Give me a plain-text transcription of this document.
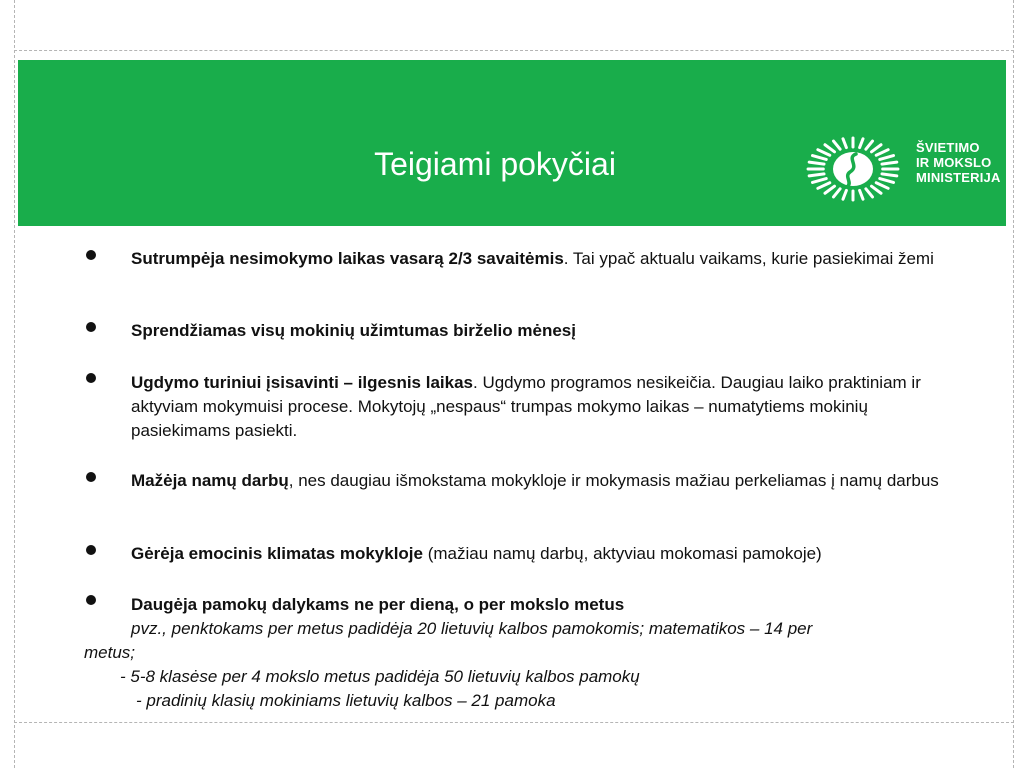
ŠVIETIMO
IR MOKSLO
MINISTERIJA
Teigiami pokyčiai
Sutrumpėja nesimokymo laikas vasarą 2/3 savaitėmis. Tai ypač aktualu vaikams, kurie pasiekimai žemi
Sprendžiamas visų mokinių užimtumas birželio mėnesį
Ugdymo turiniui įsisavinti – ilgesnis laikas. Ugdymo programos nesikeičia. Daugiau laiko praktiniam ir aktyviam mokymuisi procese. Mokytojų „nespaus“ trumpas mokymo laikas – numatytiems mokinių pasiekimams pasiekti.
Mažėja namų darbų, nes daugiau išmokstama mokykloje ir mokymasis mažiau perkeliamas į namų darbus
Gėrėja emocinis klimatas mokykloje (mažiau namų darbų, aktyviau mokomasi pamokoje)
Daugėja pamokų dalykams ne per dieną, o per mokslo metus
pvz., penktokams per metus padidėja 20 lietuvių kalbos pamokomis; matematikos – 14 per
metus;
- 5-8 klasėse per 4 mokslo metus padidėja 50 lietuvių kalbos pamokų
- pradinių klasių mokiniams lietuvių kalbos – 21 pamoka
